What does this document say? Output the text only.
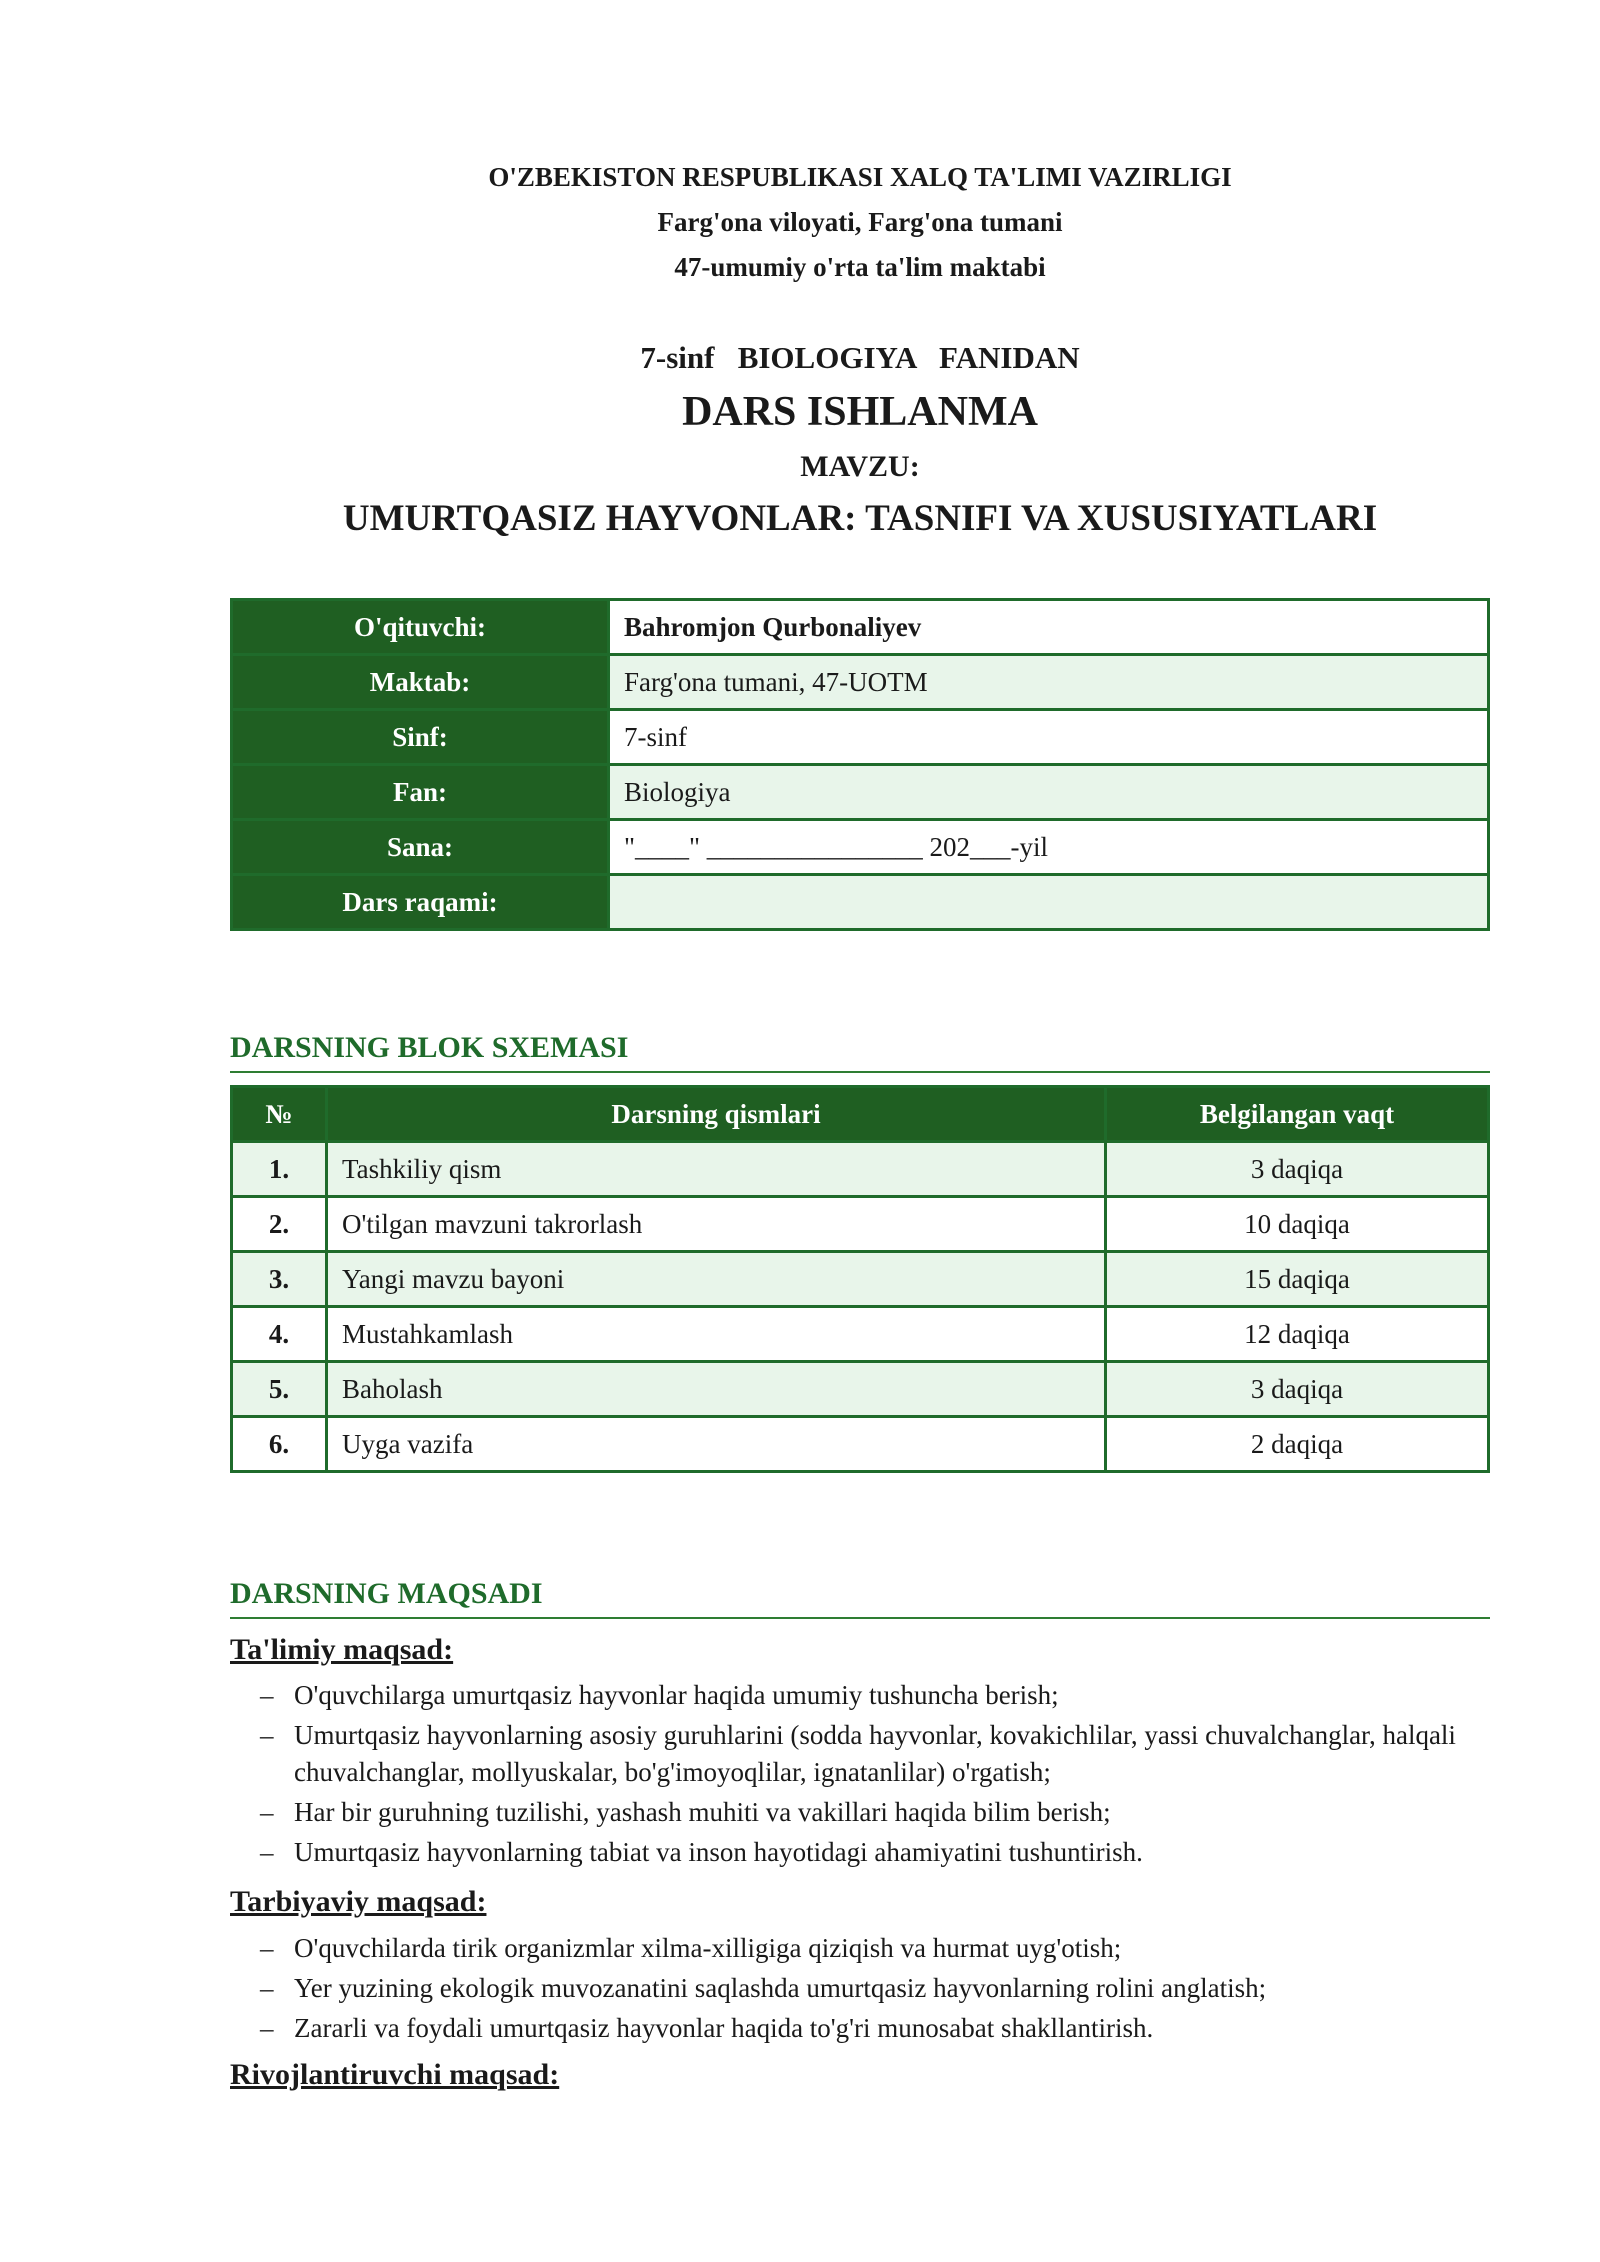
O'ZBEKISTON RESPUBLIKASI XALQ TA'LIMI VAZIRLIGI
Farg'ona viloyati, Farg'ona tumani
47-umumiy o'rta ta'lim maktabi
7-sinf   BIOLOGIYA   FANIDAN
DARS ISHLANMA
MAVZU:
UMURTQASIZ HAYVONLAR: TASNIFI VA XUSUSIYATLARI
O'qituvchi:	Bahromjon Qurbonaliyev
Maktab:	Farg'ona tumani, 47-UOTM
Sinf:	7-sinf
Fan:	Biologiya
Sana:	"____" ________________ 202___-yil
Dars raqami:	
DARSNING BLOK SXEMASI
№	Darsning qismlari	Belgilangan vaqt
1.	Tashkiliy qism	3 daqiqa
2.	O'tilgan mavzuni takrorlash	10 daqiqa
3.	Yangi mavzu bayoni	15 daqiqa
4.	Mustahkamlash	12 daqiqa
5.	Baholash	3 daqiqa
6.	Uyga vazifa	2 daqiqa
DARSNING MAQSADI
Ta'limiy maqsad:
– O'quvchilarga umurtqasiz hayvonlar haqida umumiy tushuncha berish;
– Umurtqasiz hayvonlarning asosiy guruhlarini (sodda hayvonlar, kovakichlilar, yassi chuvalchanglar, halqali chuvalchanglar, mollyuskalar, bo'g'imoyoqlilar, ignatanlilar) o'rgatish;
– Har bir guruhning tuzilishi, yashash muhiti va vakillari haqida bilim berish;
– Umurtqasiz hayvonlarning tabiat va inson hayotidagi ahamiyatini tushuntirish.
Tarbiyaviy maqsad:
– O'quvchilarda tirik organizmlar xilma-xilligiga qiziqish va hurmat uyg'otish;
– Yer yuzining ekologik muvozanatini saqlashda umurtqasiz hayvonlarning rolini anglatish;
– Zararli va foydali umurtqasiz hayvonlar haqida to'g'ri munosabat shakllantirish.
Rivojlantiruvchi maqsad:
